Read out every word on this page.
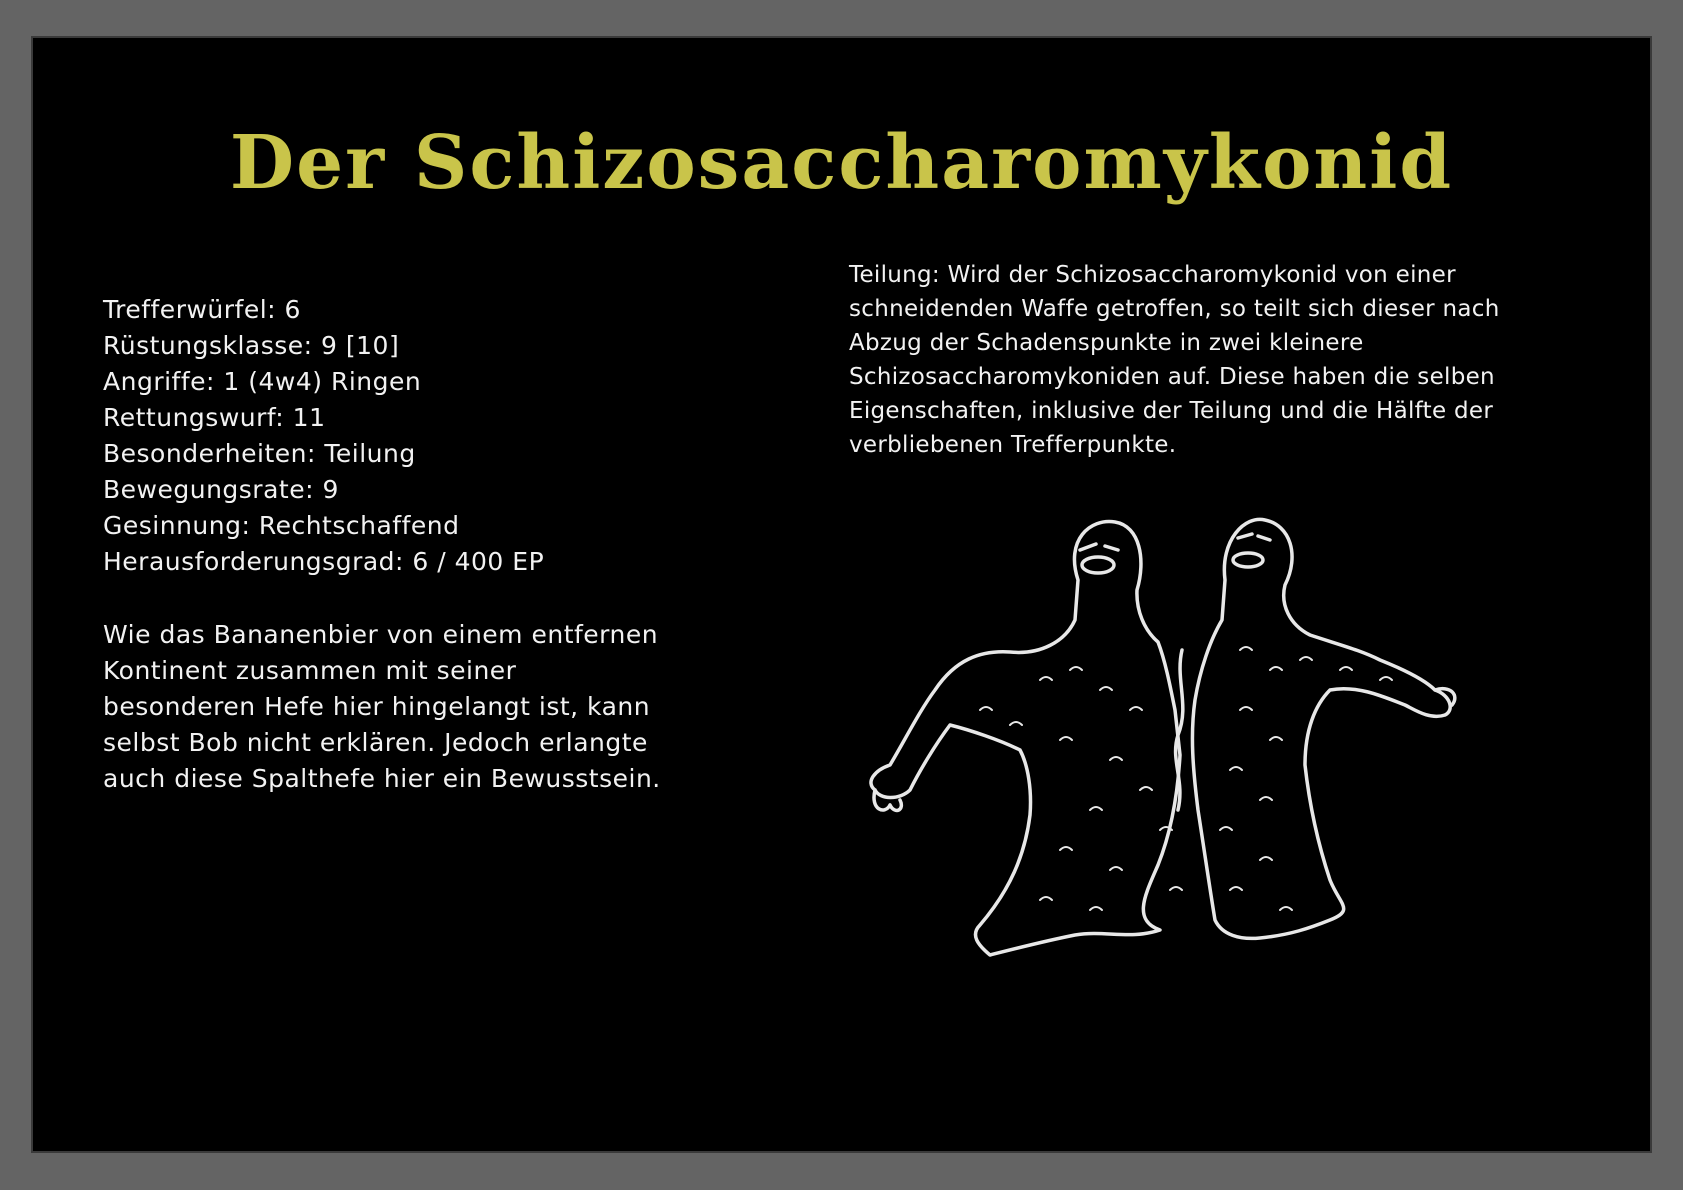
Der Schizosaccharomykonid
Trefferwürfel: 6
Rüstungsklasse: 9 [10]
Angriffe: 1 (4w4) Ringen
Rettungswurf: 11
Besonderheiten: Teilung
Bewegungsrate: 9
Gesinnung: Rechtschaffend
Herausforderungsgrad: 6 / 400 EP

Wie das Bananenbier von einem entfernen Kontinent zusammen mit seiner besonderen Hefe hier hingelangt ist, kann selbst Bob nicht erklären. Jedoch erlangte auch diese Spalthefe hier ein Bewusstsein.

Teilung: Wird der Schizosaccharomykonid von einer schneidenden Waffe getroffen, so teilt sich dieser nach Abzug der Schadenspunkte in zwei kleinere Schizosaccharomykoniden auf. Diese haben die selben Eigenschaften, inklusive der Teilung und die Hälfte der verbliebenen Trefferpunkte.
